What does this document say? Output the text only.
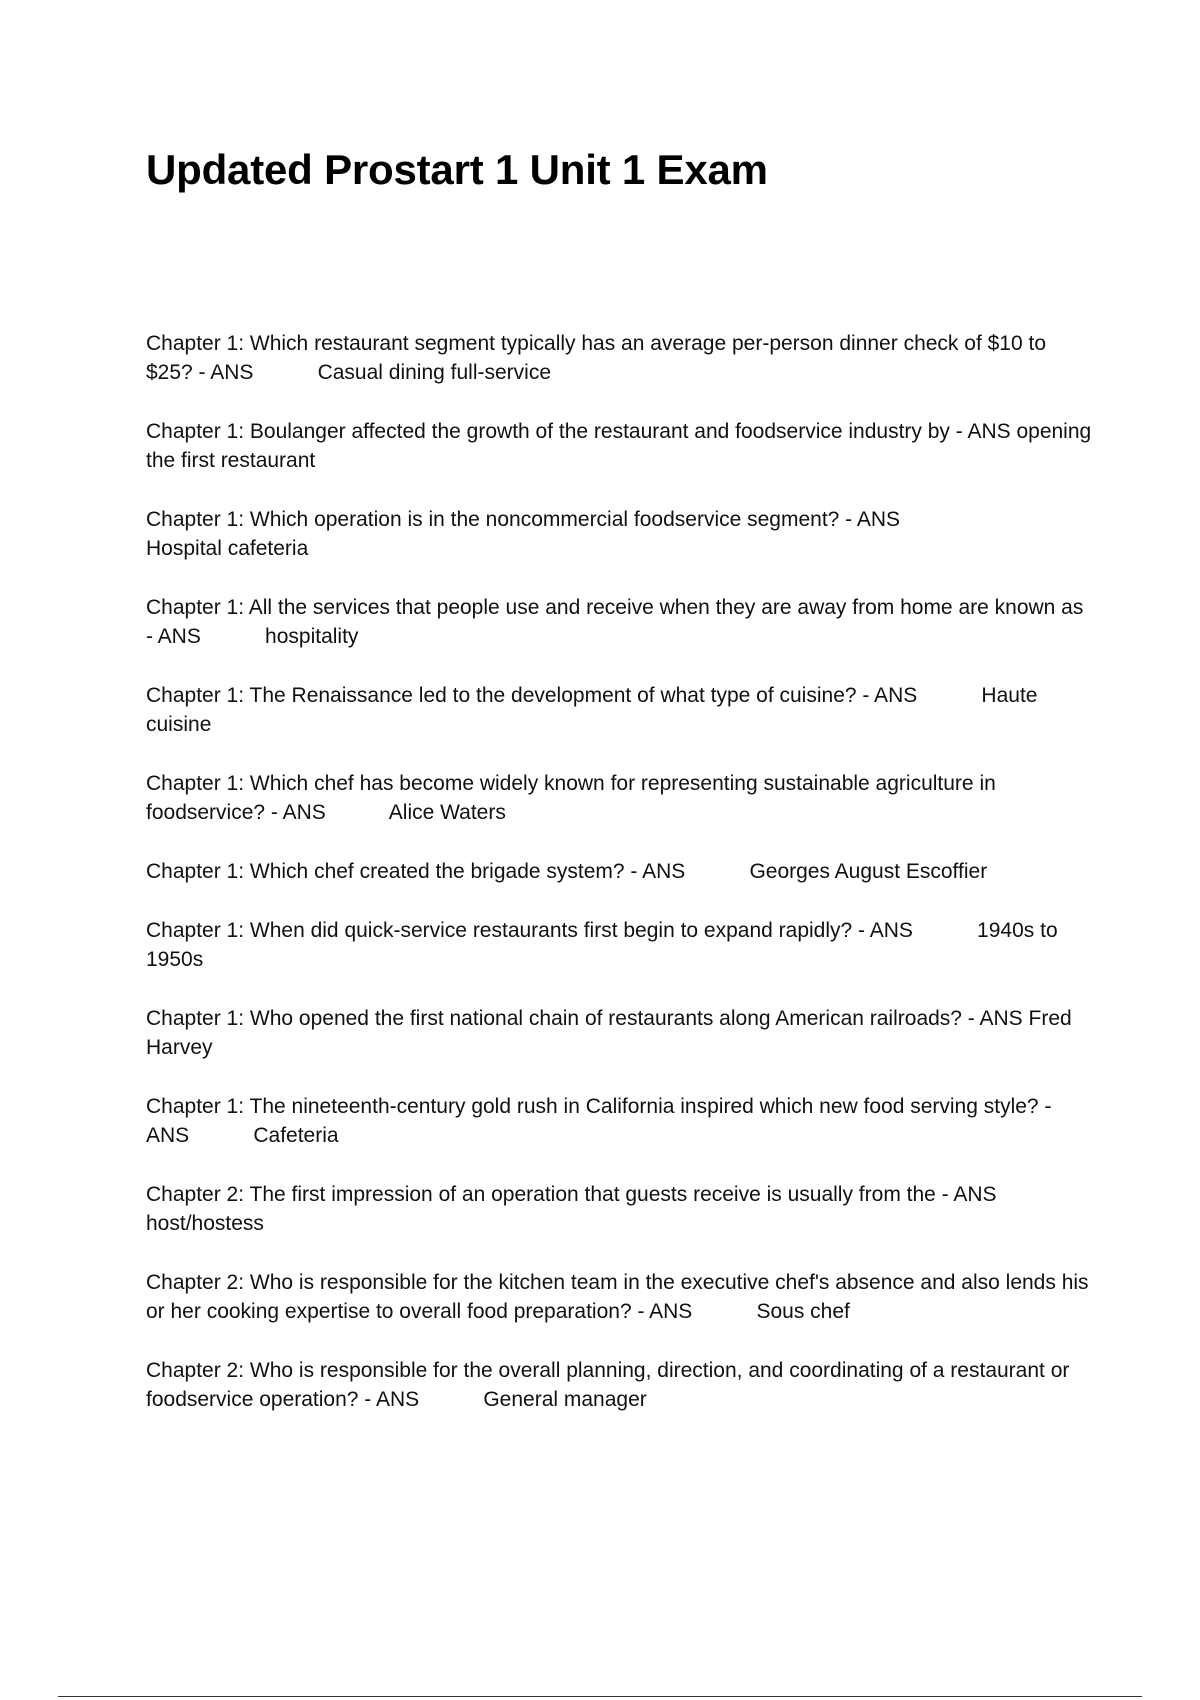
Updated Prostart 1 Unit 1 Exam

Chapter 1: Which restaurant segment typically has an average per-person dinner check of $10 to $25? - ANS           Casual dining full-service

Chapter 1: Boulanger affected the growth of the restaurant and foodservice industry by - ANS opening the first restaurant

Chapter 1: Which operation is in the noncommercial foodservice segment? - ANS
Hospital cafeteria

Chapter 1: All the services that people use and receive when they are away from home are known as - ANS           hospitality

Chapter 1: The Renaissance led to the development of what type of cuisine? - ANS           Haute cuisine

Chapter 1: Which chef has become widely known for representing sustainable agriculture in foodservice? - ANS           Alice Waters

Chapter 1: Which chef created the brigade system? - ANS           Georges August Escoffier

Chapter 1: When did quick-service restaurants first begin to expand rapidly? - ANS           1940s to 1950s

Chapter 1: Who opened the first national chain of restaurants along American railroads? - ANS Fred Harvey

Chapter 1: The nineteenth-century gold rush in California inspired which new food serving style? - ANS           Cafeteria

Chapter 2: The first impression of an operation that guests receive is usually from the - ANS host/hostess

Chapter 2: Who is responsible for the kitchen team in the executive chef's absence and also lends his or her cooking expertise to overall food preparation? - ANS           Sous chef

Chapter 2: Who is responsible for the overall planning, direction, and coordinating of a restaurant or foodservice operation? - ANS           General manager
